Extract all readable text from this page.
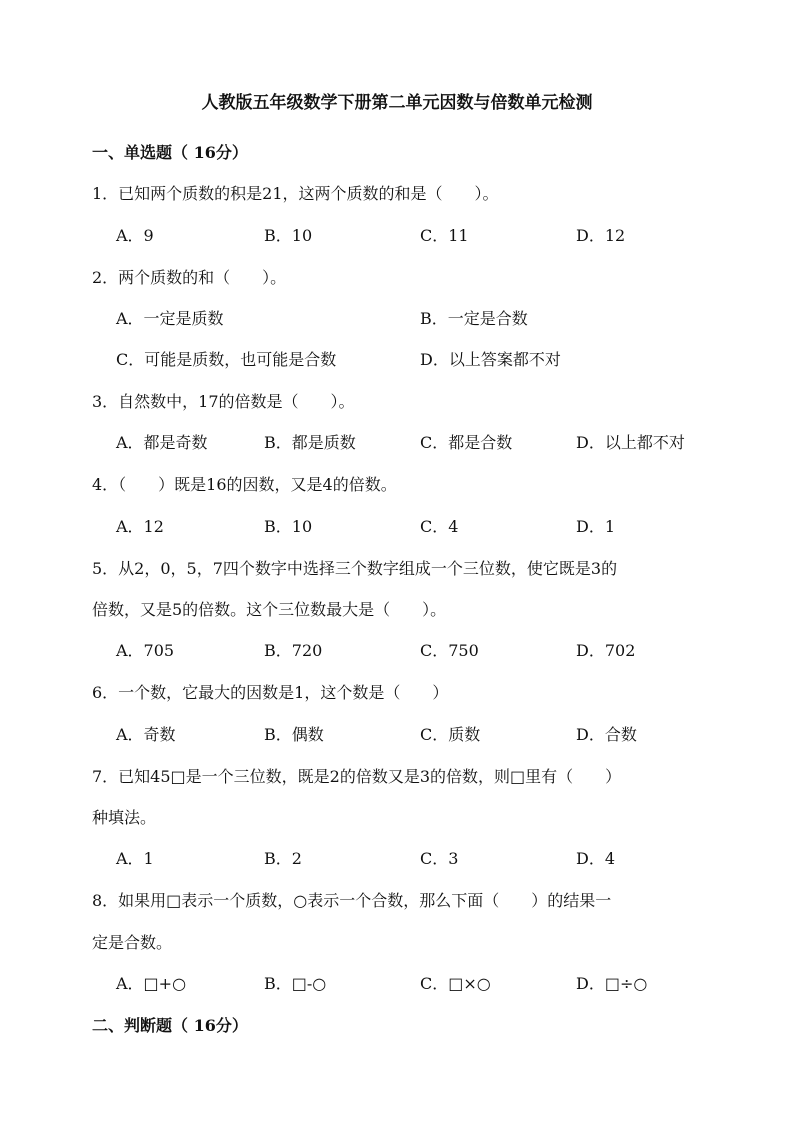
人教版五年级数学下册第二单元因数与倍数单元检测
一、单选题（ 16分）
1．已知两个质数的积是21，这两个质数的和是（　　）。
A．9	B．10	C．11	D．12
2．两个质数的和（　　）。
A．一定是质数	B．一定是合数
C．可能是质数，也可能是合数	D．以上答案都不对
3．自然数中，17的倍数是（　　）。
A．都是奇数	B．都是质数	C．都是合数	D．以上都不对
4．（　　）既是16的因数，又是4的倍数。
A．12	B．10	C．4	D．1
5．从2，0，5，7四个数字中选择三个数字组成一个三位数，使它既是3的
倍数，又是5的倍数。这个三位数最大是（　　）。
A．705	B．720	C．750	D．702
6．一个数，它最大的因数是1，这个数是（　　）
A．奇数	B．偶数	C．质数	D．合数
7．已知45□是一个三位数，既是2的倍数又是3的倍数，则□里有（　　）
种填法。
A．1	B．2	C．3	D．4
8．如果用□表示一个质数，○表示一个合数，那么下面（　　）的结果一
定是合数。
A．□+○	B．□-○	C．□×○	D．□÷○
二、判断题（ 16分）
